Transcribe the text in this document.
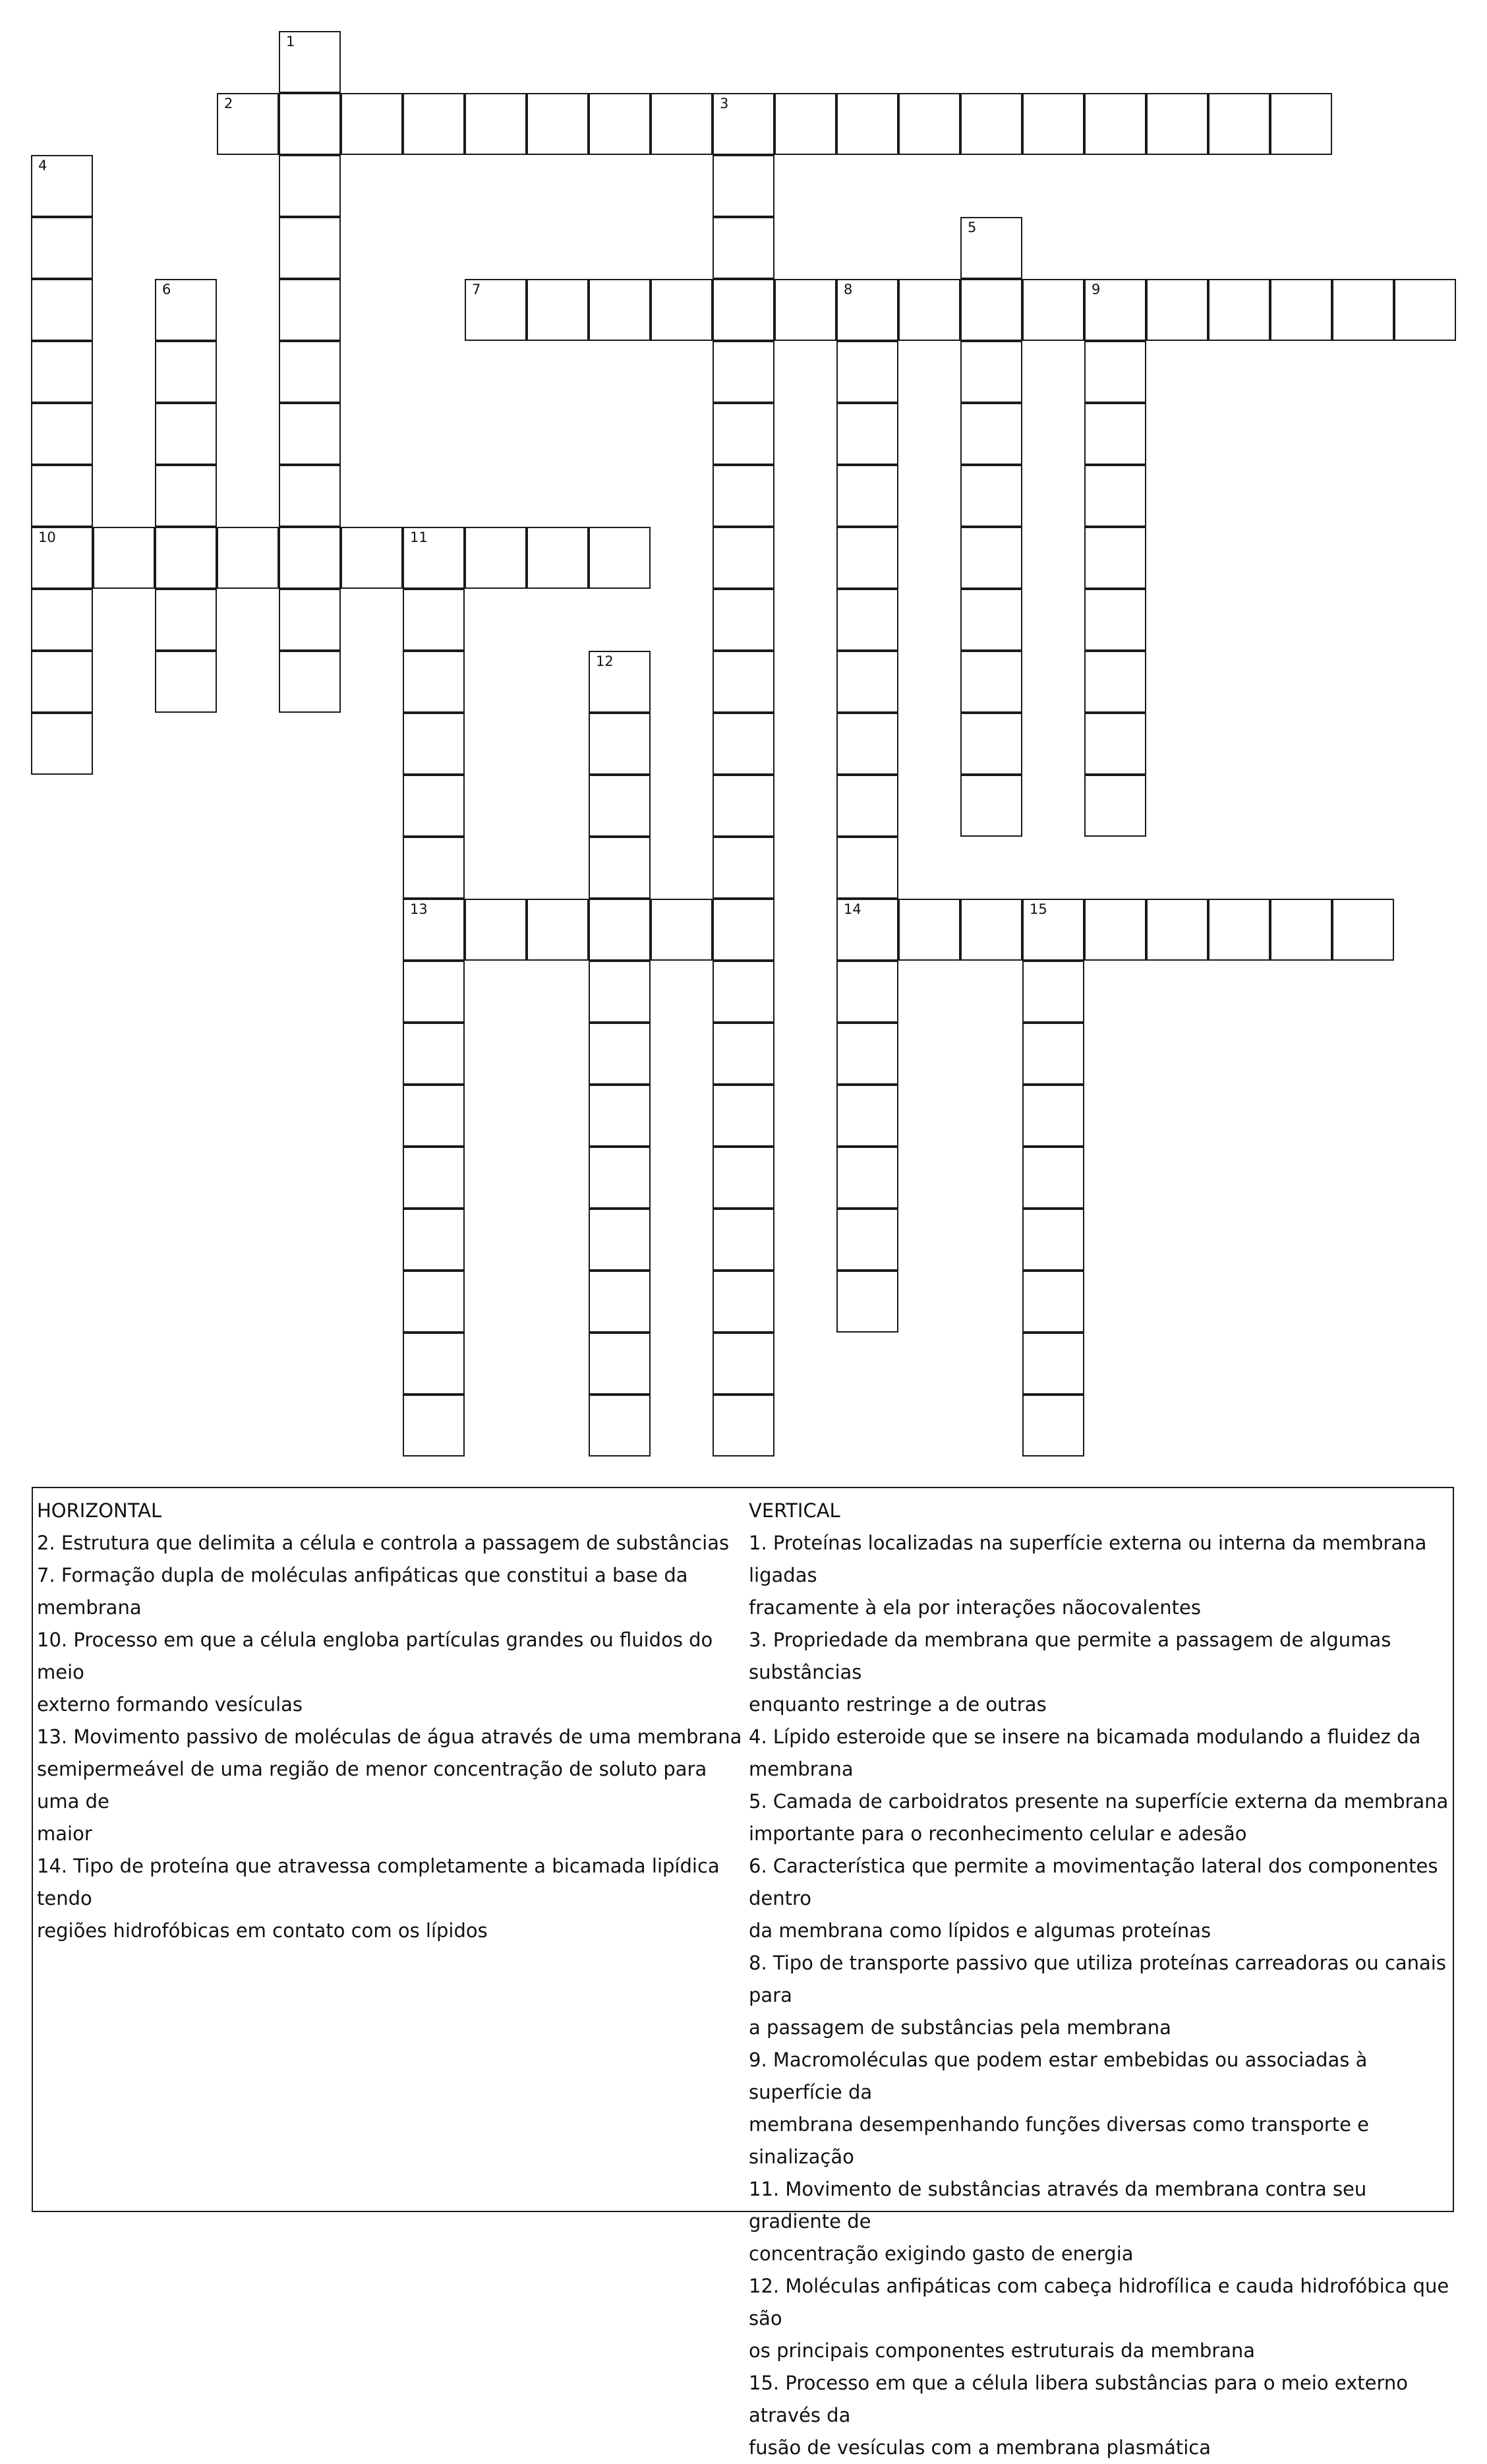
1
2	3
4
5
6	7	8	9
10	11
12
13	14	15
HORIZONTAL
2. Estrutura que delimita a célula e controla a passagem de substâncias
7. Formação dupla de moléculas anfipáticas que constitui a base da membrana
10. Processo em que a célula engloba partículas grandes ou fluidos do meio
externo formando vesículas
13. Movimento passivo de moléculas de água através de uma membrana
semipermeável de uma região de menor concentração de soluto para uma de
maior
14. Tipo de proteína que atravessa completamente a bicamada lipídica tendo
regiões hidrofóbicas em contato com os lípidos
VERTICAL
1. Proteínas localizadas na superfície externa ou interna da membrana ligadas
fracamente à ela por interações nãocovalentes
3. Propriedade da membrana que permite a passagem de algumas substâncias
enquanto restringe a de outras
4. Lípido esteroide que se insere na bicamada modulando a fluidez da
membrana
5. Camada de carboidratos presente na superfície externa da membrana
importante para o reconhecimento celular e adesão
6. Característica que permite a movimentação lateral dos componentes dentro
da membrana como lípidos e algumas proteínas
8. Tipo de transporte passivo que utiliza proteínas carreadoras ou canais para
a passagem de substâncias pela membrana
9. Macromoléculas que podem estar embebidas ou associadas à superfície da
membrana desempenhando funções diversas como transporte e sinalização
11. Movimento de substâncias através da membrana contra seu gradiente de
concentração exigindo gasto de energia
12. Moléculas anfipáticas com cabeça hidrofílica e cauda hidrofóbica que são
os principais componentes estruturais da membrana
15. Processo em que a célula libera substâncias para o meio externo através da
fusão de vesículas com a membrana plasmática
